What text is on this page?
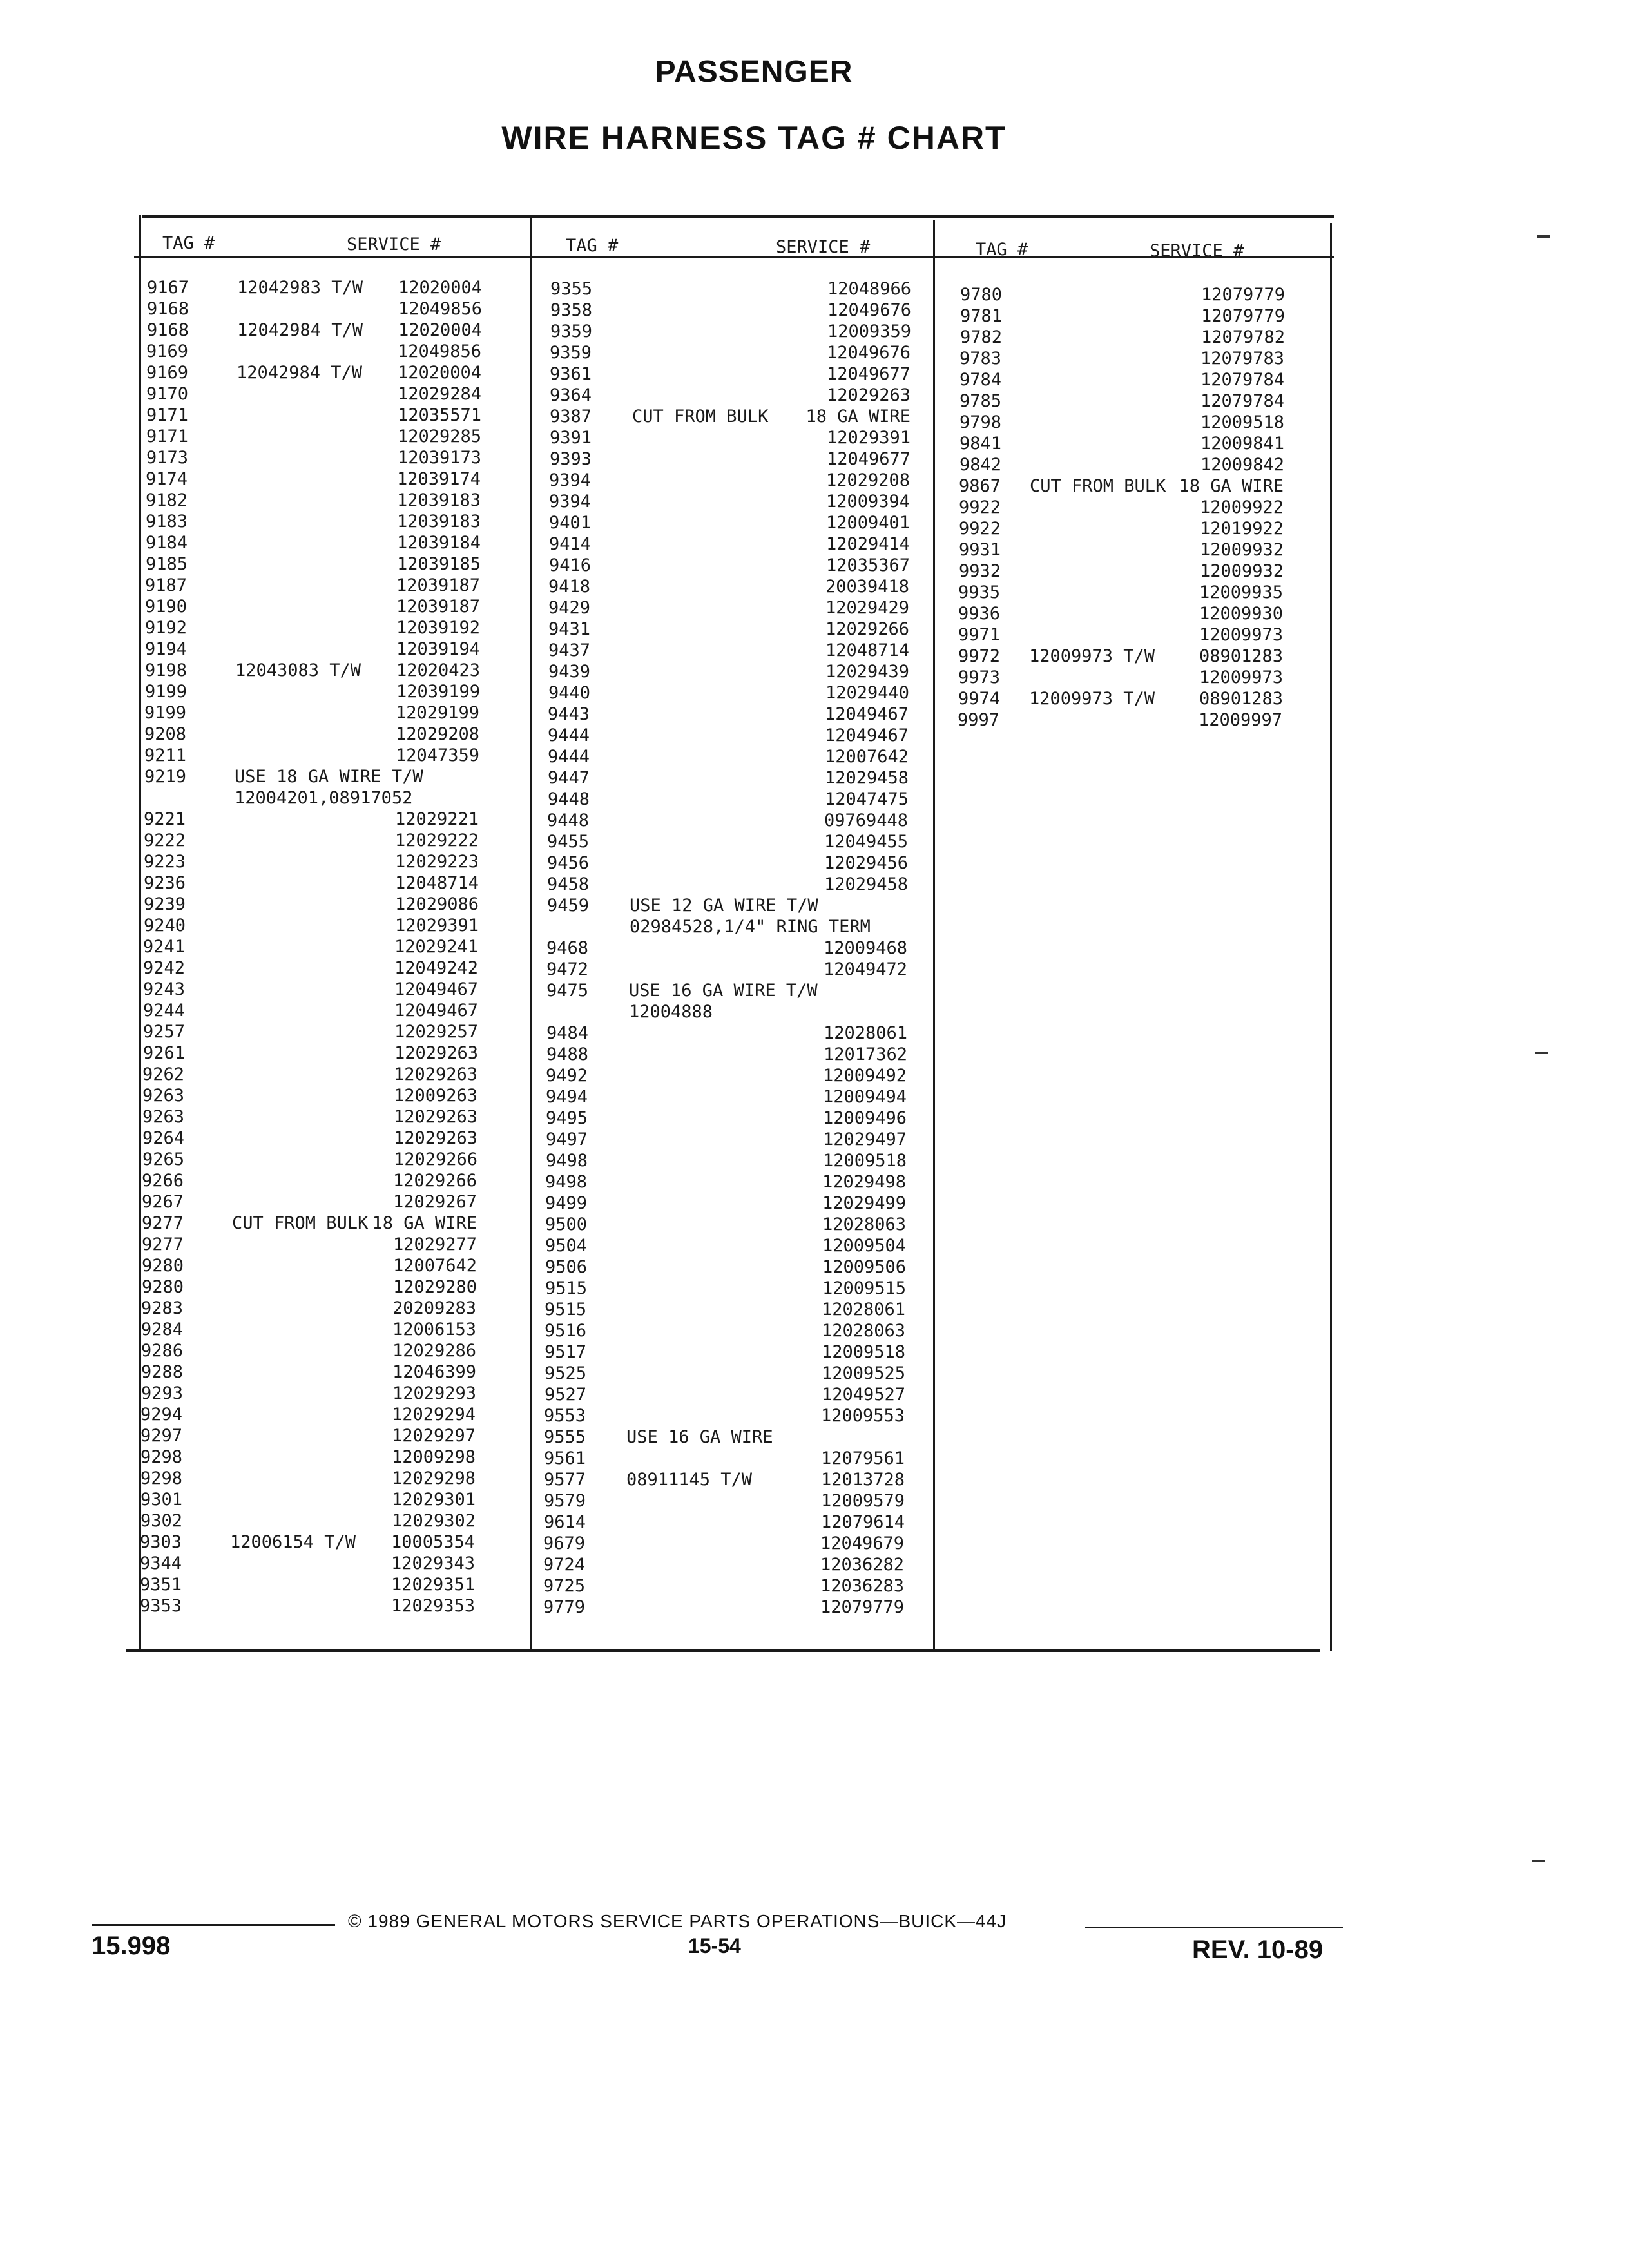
PASSENGER
WIRE HARNESS TAG # CHART
TAG #	SERVICE #
9167	12042983 T/W 12020004
9168	12049856
9168	12042984 T/W 12020004
9169	12049856
9169	12042984 T/W 12020004
9170	12029284
9171	12035571
9171	12029285
9173	12039173
9174	12039174
9182	12039183
9183	12039183
9184	12039184
9185	12039185
9187	12039187
9190	12039187
9192	12039192
9194	12039194
9198	12043083 T/W 12020423
9199	12039199
9199	12029199
9208	12029208
9211	12047359
9219	USE 18 GA WIRE T/W
12004201,08917052
9221	12029221
9222	12029222
9223	12029223
9236	12048714
9239	12029086
9240	12029391
9241	12029241
9242	12049242
9243	12049467
9244	12049467
9257	12029257
9261	12029263
9262	12029263
9263	12009263
9263	12029263
9264	12029263
9265	12029266
9266	12029266
9267	12029267
9277	CUT FROM BULK 18 GA WIRE
9277	12029277
9280	12007642
9280	12029280
9283	20209283
9284	12006153
9286	12029286
9288	12046399
9293	12029293
9294	12029294
9297	12029297
9298	12009298
9298	12029298
9301	12029301
9302	12029302
9303	12006154 T/W 10005354
9344	12029343
9351	12029351
9353	12029353
TAG #	SERVICE #
9355	12048966
9358	12049676
9359	12009359
9359	12049676
9361	12049677
9364	12029263
9387 CUT FROM BULK 18 GA WIRE
9391	12029391
9393	12049677
9394	12029208
9394	12009394
9401	12009401
9414	12029414
9416	12035367
9418	20039418
9429	12029429
9431	12029266
9437	12048714
9439	12029439
9440	12029440
9443	12049467
9444	12049467
9444	12007642
9447	12029458
9448	12047475
9448	09769448
9455	12049455
9456	12029456
9458	12029458
9459 USE 12 GA WIRE T/W
02984528,1/4" RING TERM
9468	12009468
9472	12049472
9475 USE 16 GA WIRE T/W
12004888
9484	12028061
9488	12017362
9492	12009492
9494	12009494
9495	12009496
9497	12029497
9498	12009518
9498	12029498
9499	12029499
9500	12028063
9504	12009504
9506	12009506
9515	12009515
9515	12028061
9516	12028063
9517	12009518
9525	12009525
9527	12049527
9553	12009553
9555 USE 16 GA WIRE
9561	12079561
9577 08911145 T/W	12013728
9579	12009579
9614	12079614
9679	12049679
9724	12036282
9725	12036283
9779	12079779
TAG #	SERVICE #
9780	12079779
9781	12079779
9782	12079782
9783	12079783
9784	12079784
9785	12079784
9798	12009518
9841	12009841
9842	12009842
9867 CUT FROM BULK 18 GA WIRE
9922	12009922
9922	12019922
9931	12009932
9932	12009932
9935	12009935
9936	12009930
9971	12009973
9972 12009973 T/W	08901283
9973	12009973
9974 12009973 T/W	08901283
9997	12009997
15.998
© 1989 GENERAL MOTORS SERVICE PARTS OPERATIONS—BUICK—44J
15-54	REV. 10-89
